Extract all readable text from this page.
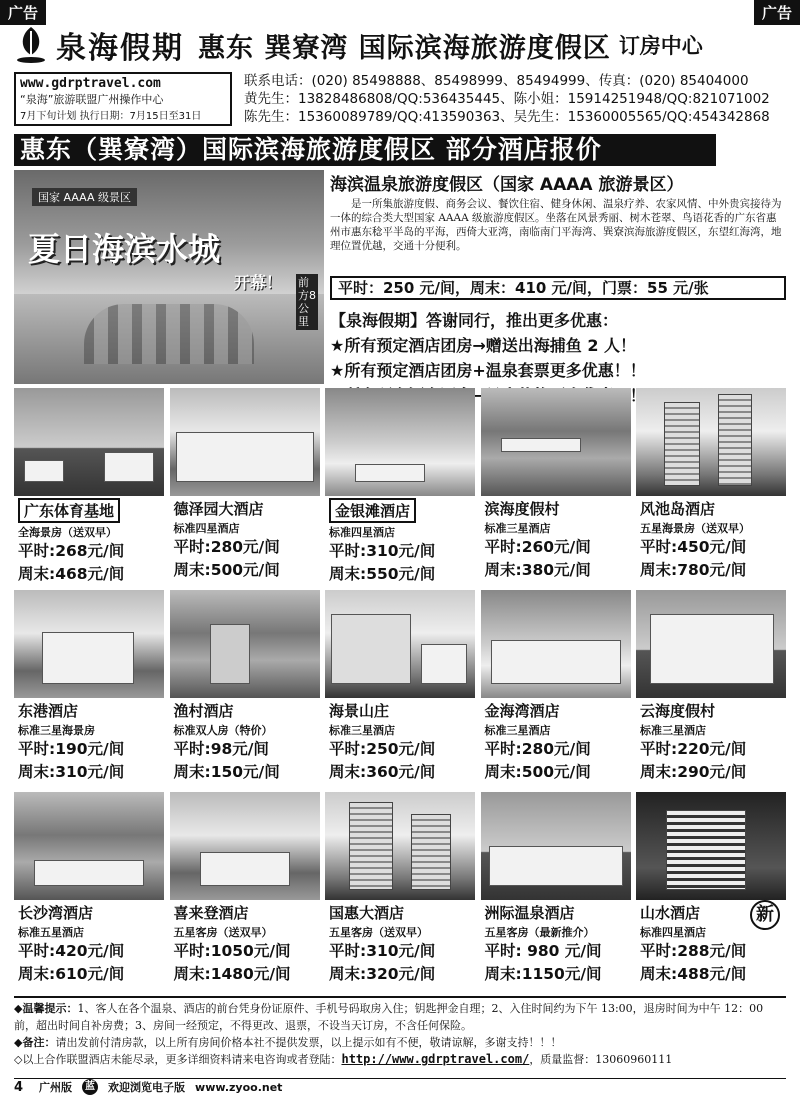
广告	广告
泉海假期 惠东 巽寮湾 国际滨海旅游度假区 订房中心
www.gdrptravel.com
“泉海”旅游联盟广州操作中心
7月下旬计划 执行日期：7月15日至31日
联系电话：(020) 85498888、85498999、85494999、传真：(020) 85404000
黄先生：13828486808/QQ:536435445、陈小姐：15914251948/QQ:821071002
陈先生：15360089789/QQ:413590363、吴先生：15360005565/QQ:454342868
惠东（巽寮湾）国际滨海旅游度假区 部分酒店报价
国家 AAAA 级景区
夏日海滨水城
开幕！ 前方8公里
海滨温泉旅游度假区（国家 AAAA 旅游景区）

是一所集旅游度假、商务会议、餐饮住宿、健身休闲、温泉疗养、农家风情、中外贵宾接待为一体的综合类大型国家 AAAA 级旅游度假区。坐落在风景秀丽、树木苍翠、鸟语花香的广东省惠州市惠东稔平半岛的平海，西倚大亚湾，南临南门平海湾、巽寮滨海旅游度假区，东望红海湾，地理位置优越，交通十分便利。

平时：250 元/间，周末：410 元/间，门票：55 元/张
【泉海假期】答谢同行，推出更多优惠：
★所有预定酒店团房→赠送出海捕鱼 2 人！
★所有预定酒店团房+温泉套票更多优惠！！
广东体育基地
全海景房（送双早）
平时:268元/间
周末:468元/间
德泽园大酒店
标准四星酒店
平时:280元/间
周末:500元/间
金银滩酒店
标准四星酒店
平时:310元/间
周末:550元/间
滨海度假村
标准三星酒店
平时:260元/间
周末:380元/间
风池岛酒店
五星海景房（送双早）
平时:450元/间
周末:780元/间
东港酒店
标准三星海景房
平时:190元/间
周末:310元/间
渔村酒店
标准双人房（特价）
平时:98元/间
周末:150元/间
海景山庄
标准三星酒店
平时:250元/间
周末:360元/间
金海湾酒店
标准三星酒店
平时:280元/间
周末:500元/间
云海度假村
标准三星酒店
平时:220元/间
周末:290元/间
长沙湾酒店
标准五星酒店
平时:420元/间
周末:610元/间
喜来登酒店
五星客房（送双早）
平时:1050元/间
周末:1480元/间
国惠大酒店
五星客房（送双早）
平时:310元/间
周末:320元/间
洲际温泉酒店
五星客房（最新推介）
平时: 980 元/间
周末:1150元/间
新
山水酒店
标准四星酒店
平时:288元/间
周末:488元/间
◆温馨提示：1、客人在各个温泉、酒店的前台凭身份证原件、手机号码取房入住；钥匙押金自理；2、入住时间约为下午 13:00，退房时间为中午 12：00 前，超出时间自补房费；3、房间一经预定，不得更改、退票，不设当天订房，不含任何保险。
◆备注：请出发前付清房款，以上所有房间价格本社不提供发票，以上提示如有不便，敬请谅解，多谢支持！！！
◇以上合作联盟酒店未能尽录，更多详细资料请来电咨询或者登陆：http://www.gdrptravel.com/，质量监督：13060960111
4 广州版	蓝 欢迎浏览电子版 www.zyoo.net
